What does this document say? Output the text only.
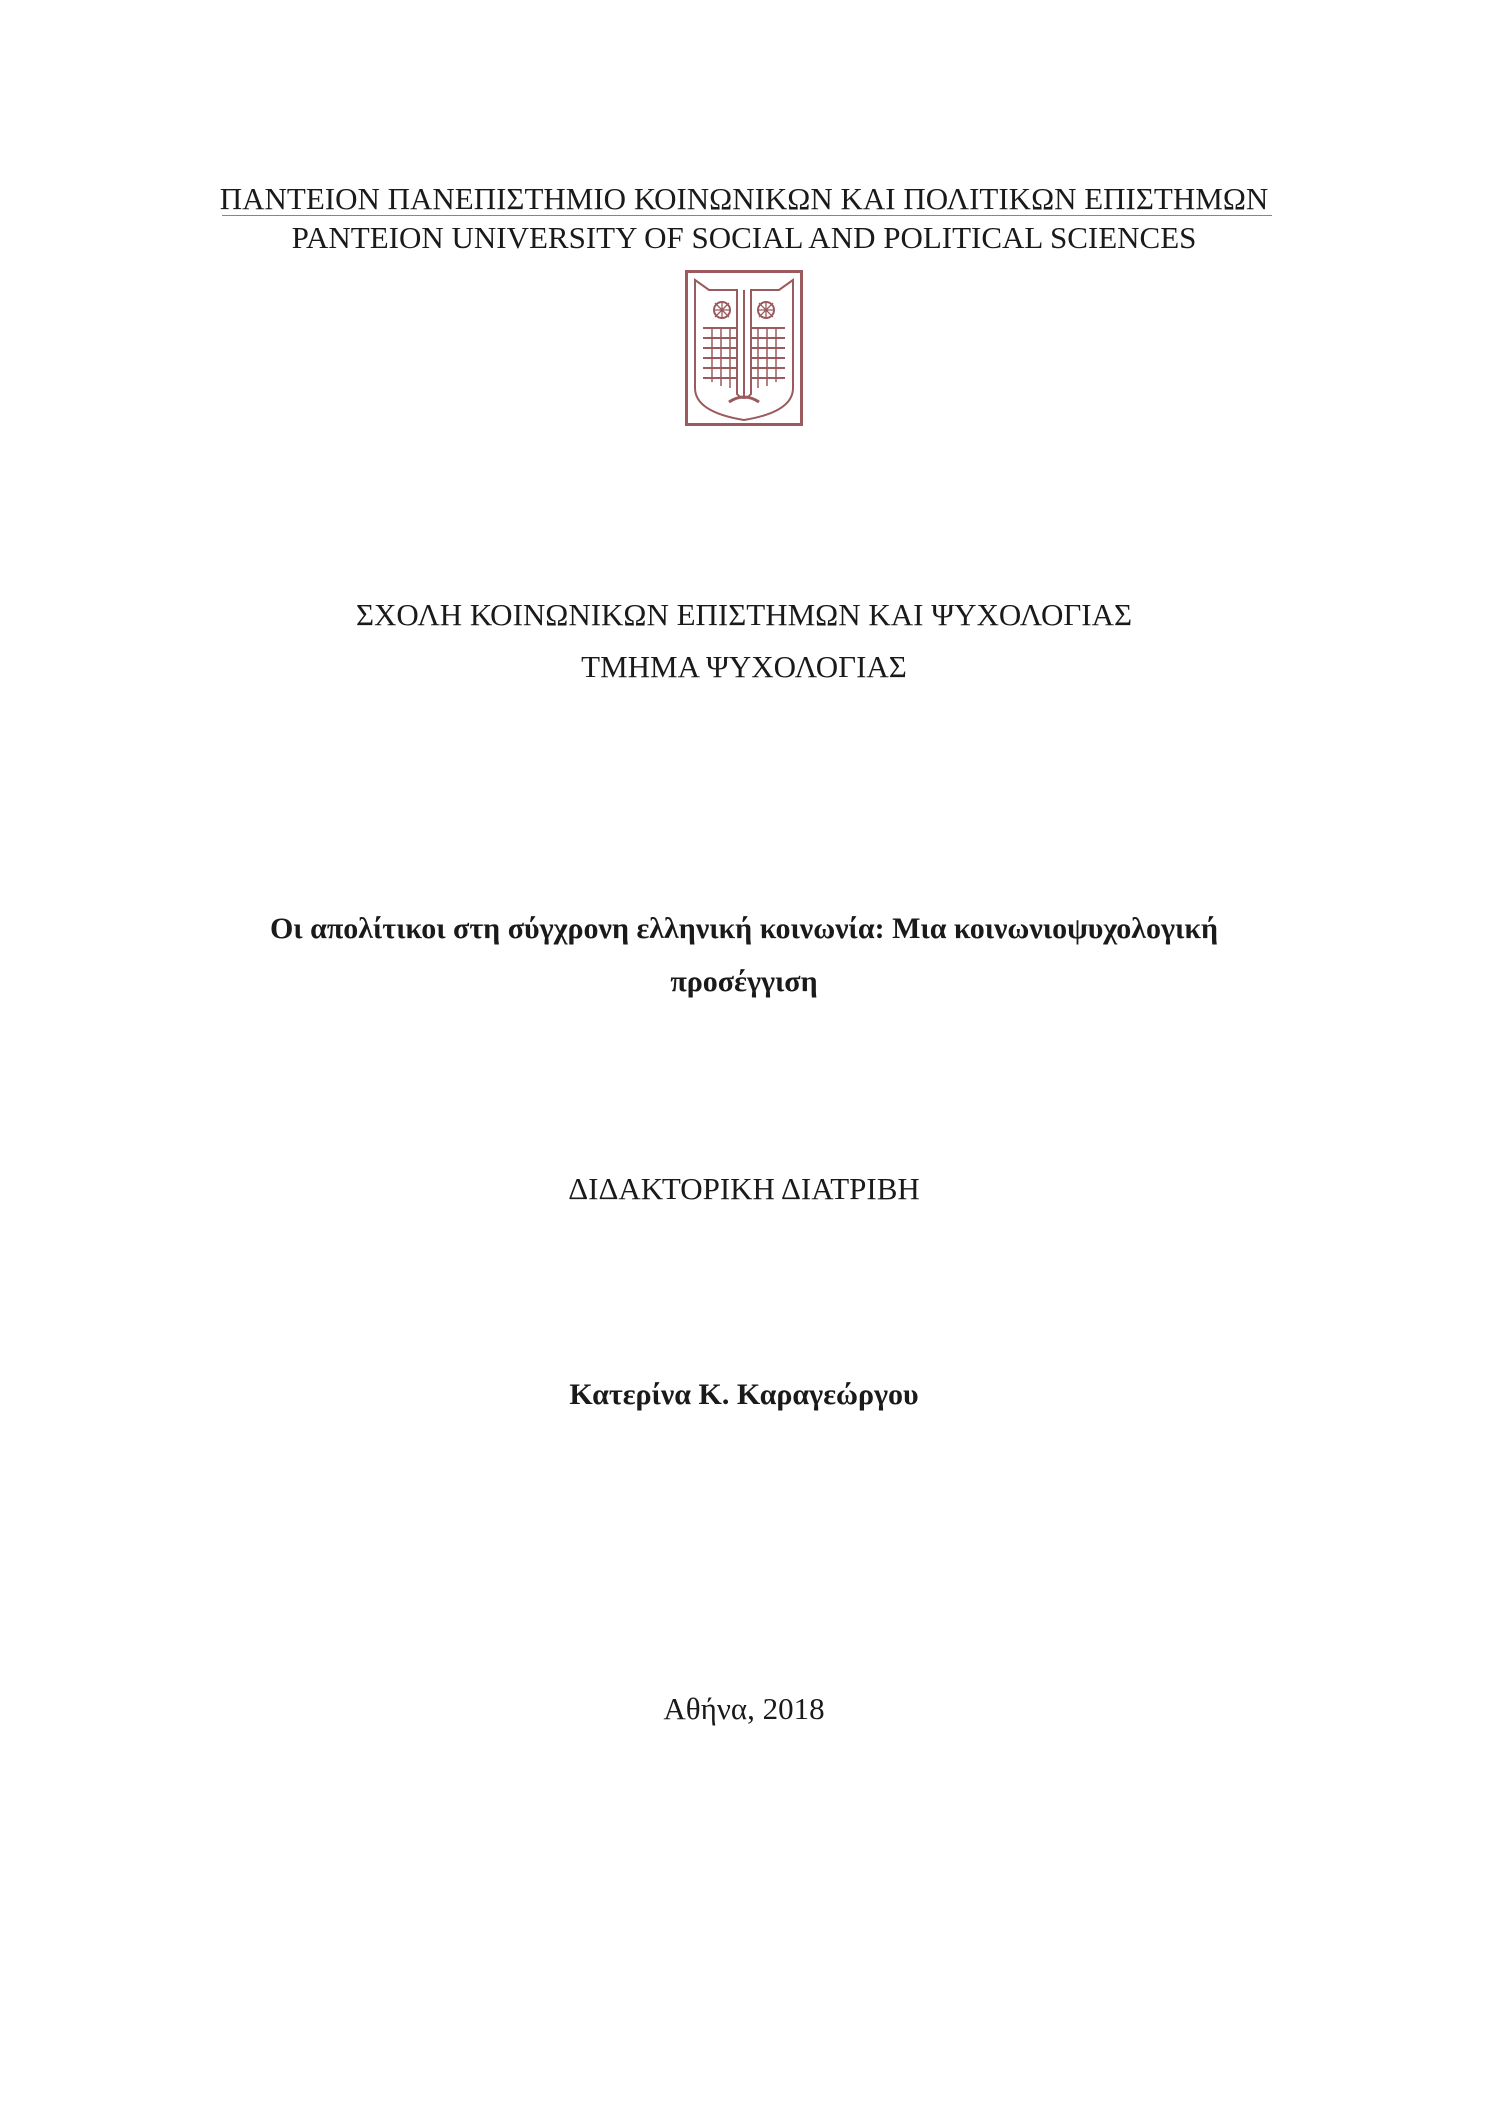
ΠΑΝΤΕΙΟΝ ΠΑΝΕΠΙΣΤΗΜΙΟ ΚΟΙΝΩΝΙΚΩΝ ΚΑΙ ΠΟΛΙΤΙΚΩΝ ΕΠΙΣΤΗΜΩΝ
PANTEION UNIVERSITY OF SOCIAL AND POLITICAL SCIENCES
ΣΧΟΛΗ ΚΟΙΝΩΝΙΚΩΝ ΕΠΙΣΤΗΜΩΝ ΚΑΙ ΨΥΧΟΛΟΓΙΑΣ
ΤΜΗΜΑ ΨΥΧΟΛΟΓΙΑΣ
Οι απολίτικοι στη σύγχρονη ελληνική κοινωνία: Μια κοινωνιοψυχολογική
προσέγγιση
ΔΙΔΑΚΤΟΡΙΚΗ ΔΙΑΤΡΙΒΗ
Κατερίνα Κ. Καραγεώργου
Αθήνα, 2018
